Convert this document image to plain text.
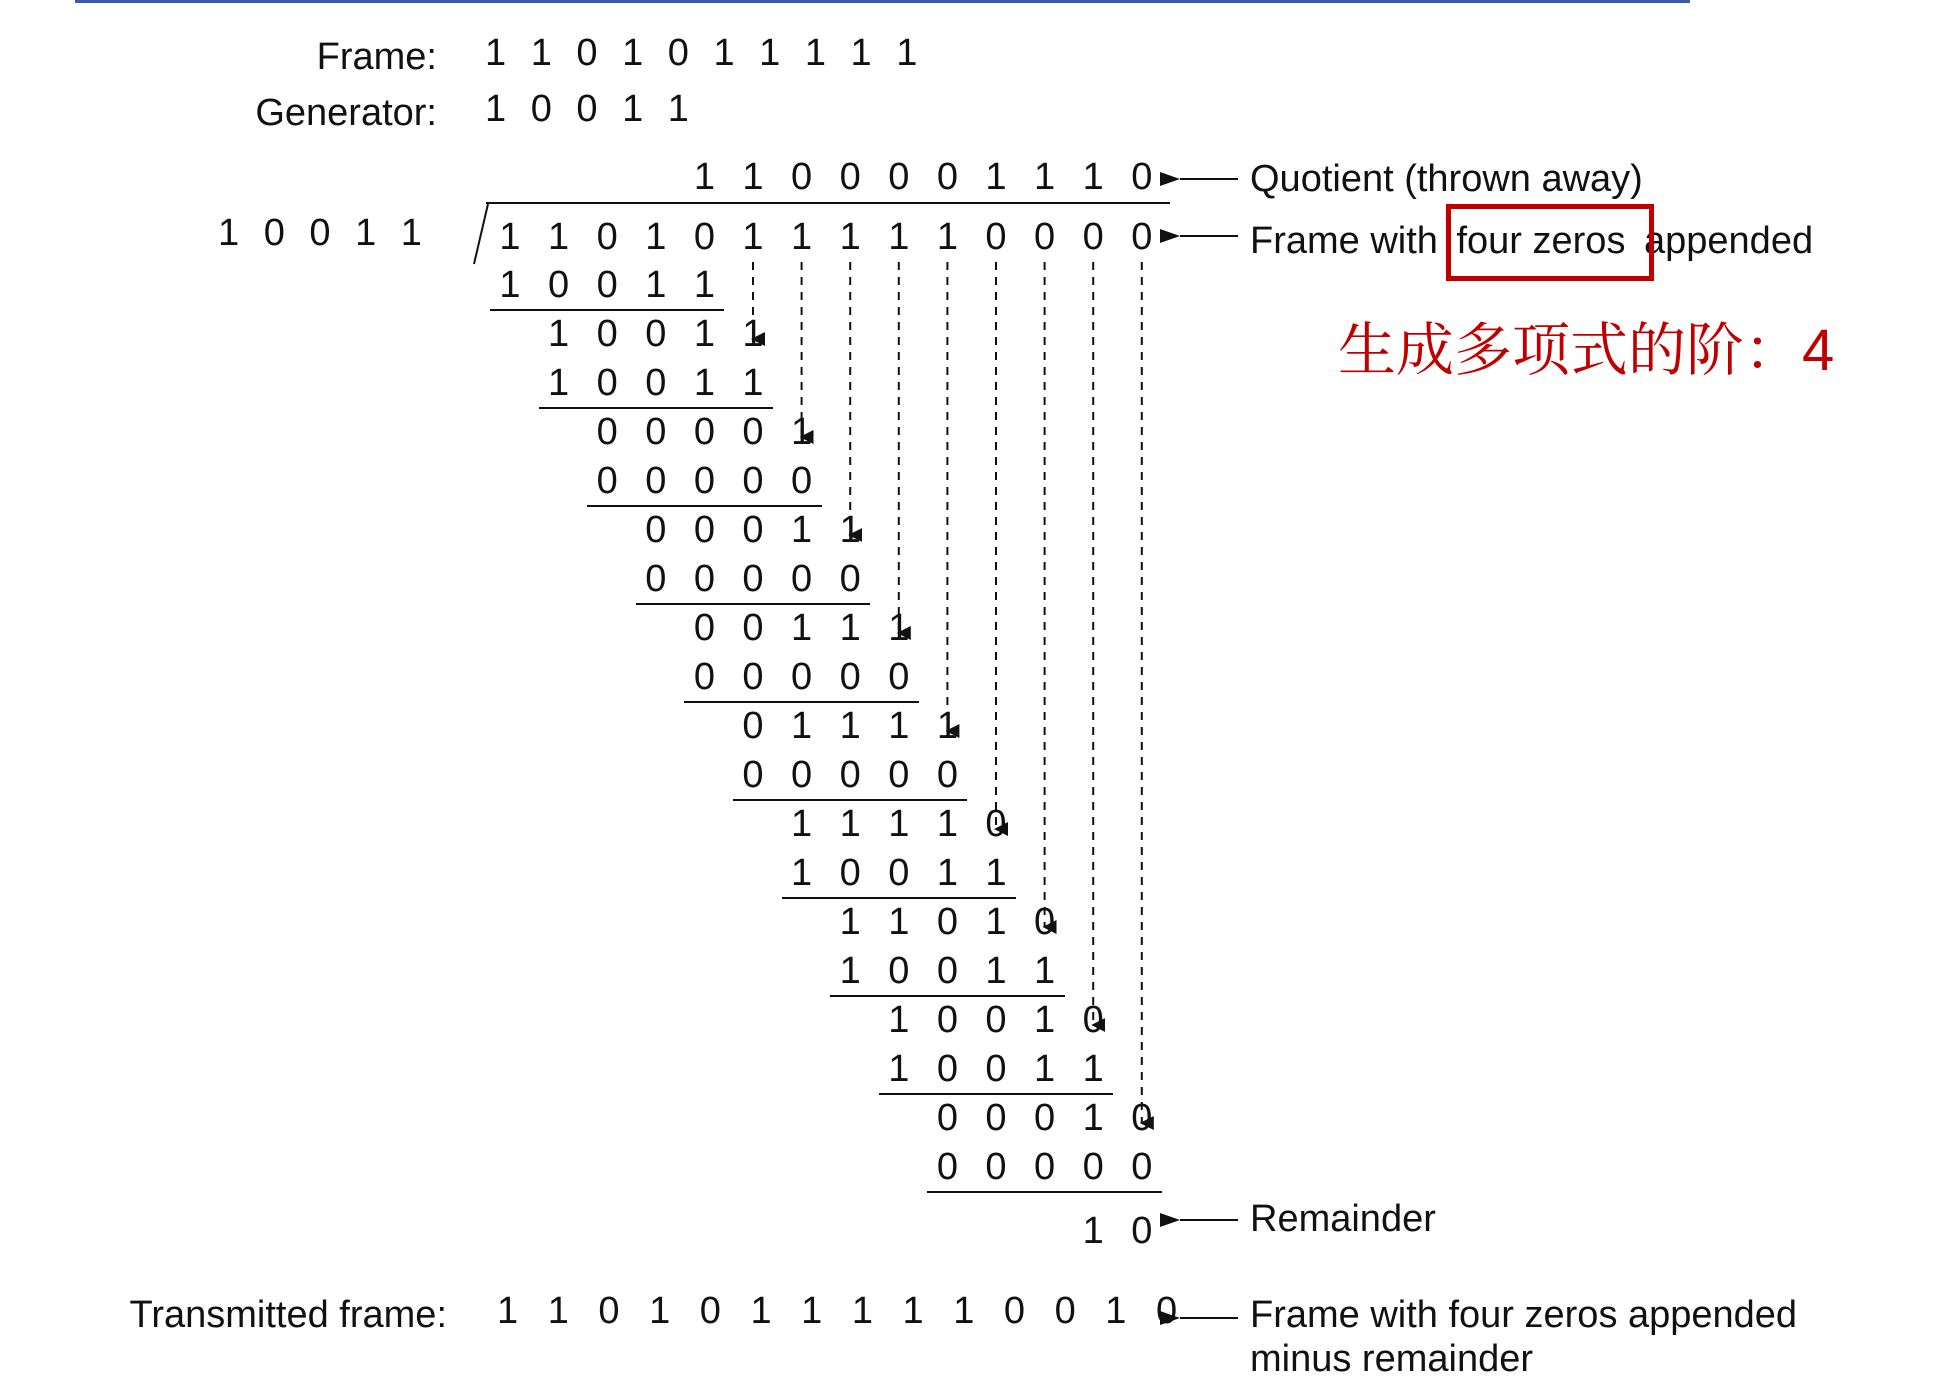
Frame: 1 1 0 1 0 1 1 1 1 1
Generator: 1 0 0 1 1
1 0 0 1 1
1 1 0 0 0 0 1 1 1 0
1 1 0 1 0 1 1 1 1 1 0 0 0 0
1 0 0 1 1
1 0 0 1 1
1 0 0 1 1
0 0 0 0 1
0 0 0 0 0
0 0 0 1 1
0 0 0 0 0
0 0 1 1 1
0 0 0 0 0
0 1 1 1 1
0 0 0 0 0
1 1 1 1 0
1 0 0 1 1
1 1 0 1 0
1 0 0 1 1
1 0 0 1 0
1 0 0 1 1
0 0 0 1 0
0 0 0 0 0
1 0
Quotient (thrown away)
Frame with four zeros appended
生成多项式的阶：4
Remainder
Transmitted frame: 1 1 0 1 0 1 1 1 1 1 0 0 1 0 Frame with four zeros appended
minus remainder
